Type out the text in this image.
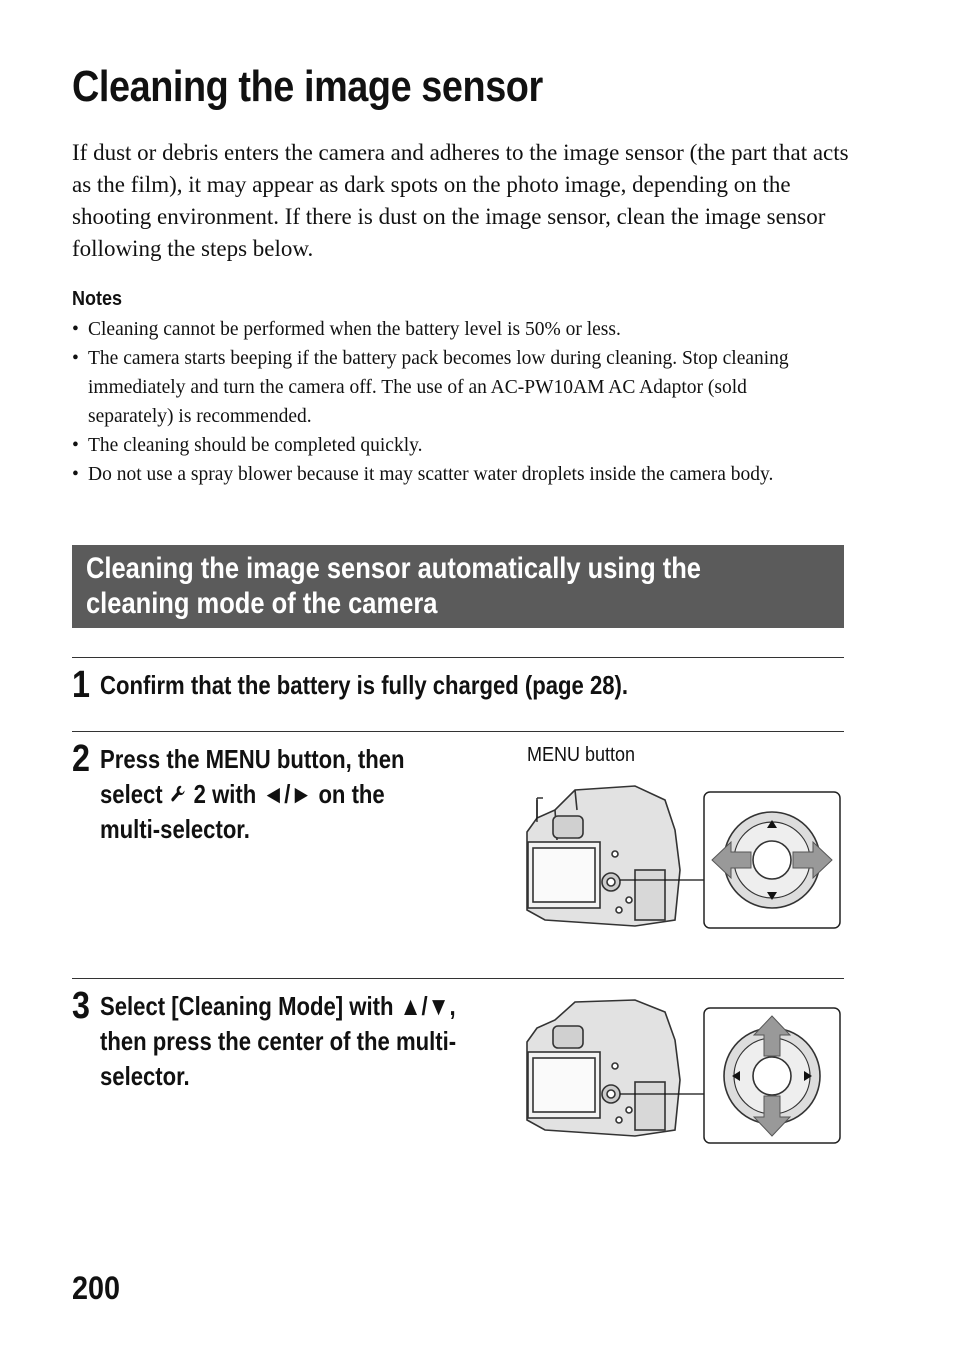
Cleaning the image sensor

If dust or debris enters the camera and adheres to the image sensor (the part that acts as the film), it may appear as dark spots on the photo image, depending on the shooting environment. If there is dust on the image sensor, clean the image sensor following the steps below.

Notes
• Cleaning cannot be performed when the battery level is 50% or less.
• The camera starts beeping if the battery pack becomes low during cleaning. Stop cleaning immediately and turn the camera off. The use of an AC-PW10AM AC Adaptor (sold separately) is recommended.
• The cleaning should be completed quickly.
• Do not use a spray blower because it may scatter water droplets inside the camera body.
Cleaning the image sensor automatically using the
cleaning mode of the camera
1 Confirm that the battery is fully charged (page 28).

2 Press the MENU button, then
select  2 with ◄/► on the
multi-selector.

MENU button

3 Select [Cleaning Mode] with ▲/▼,
then press the center of the multi-
selector.

200
